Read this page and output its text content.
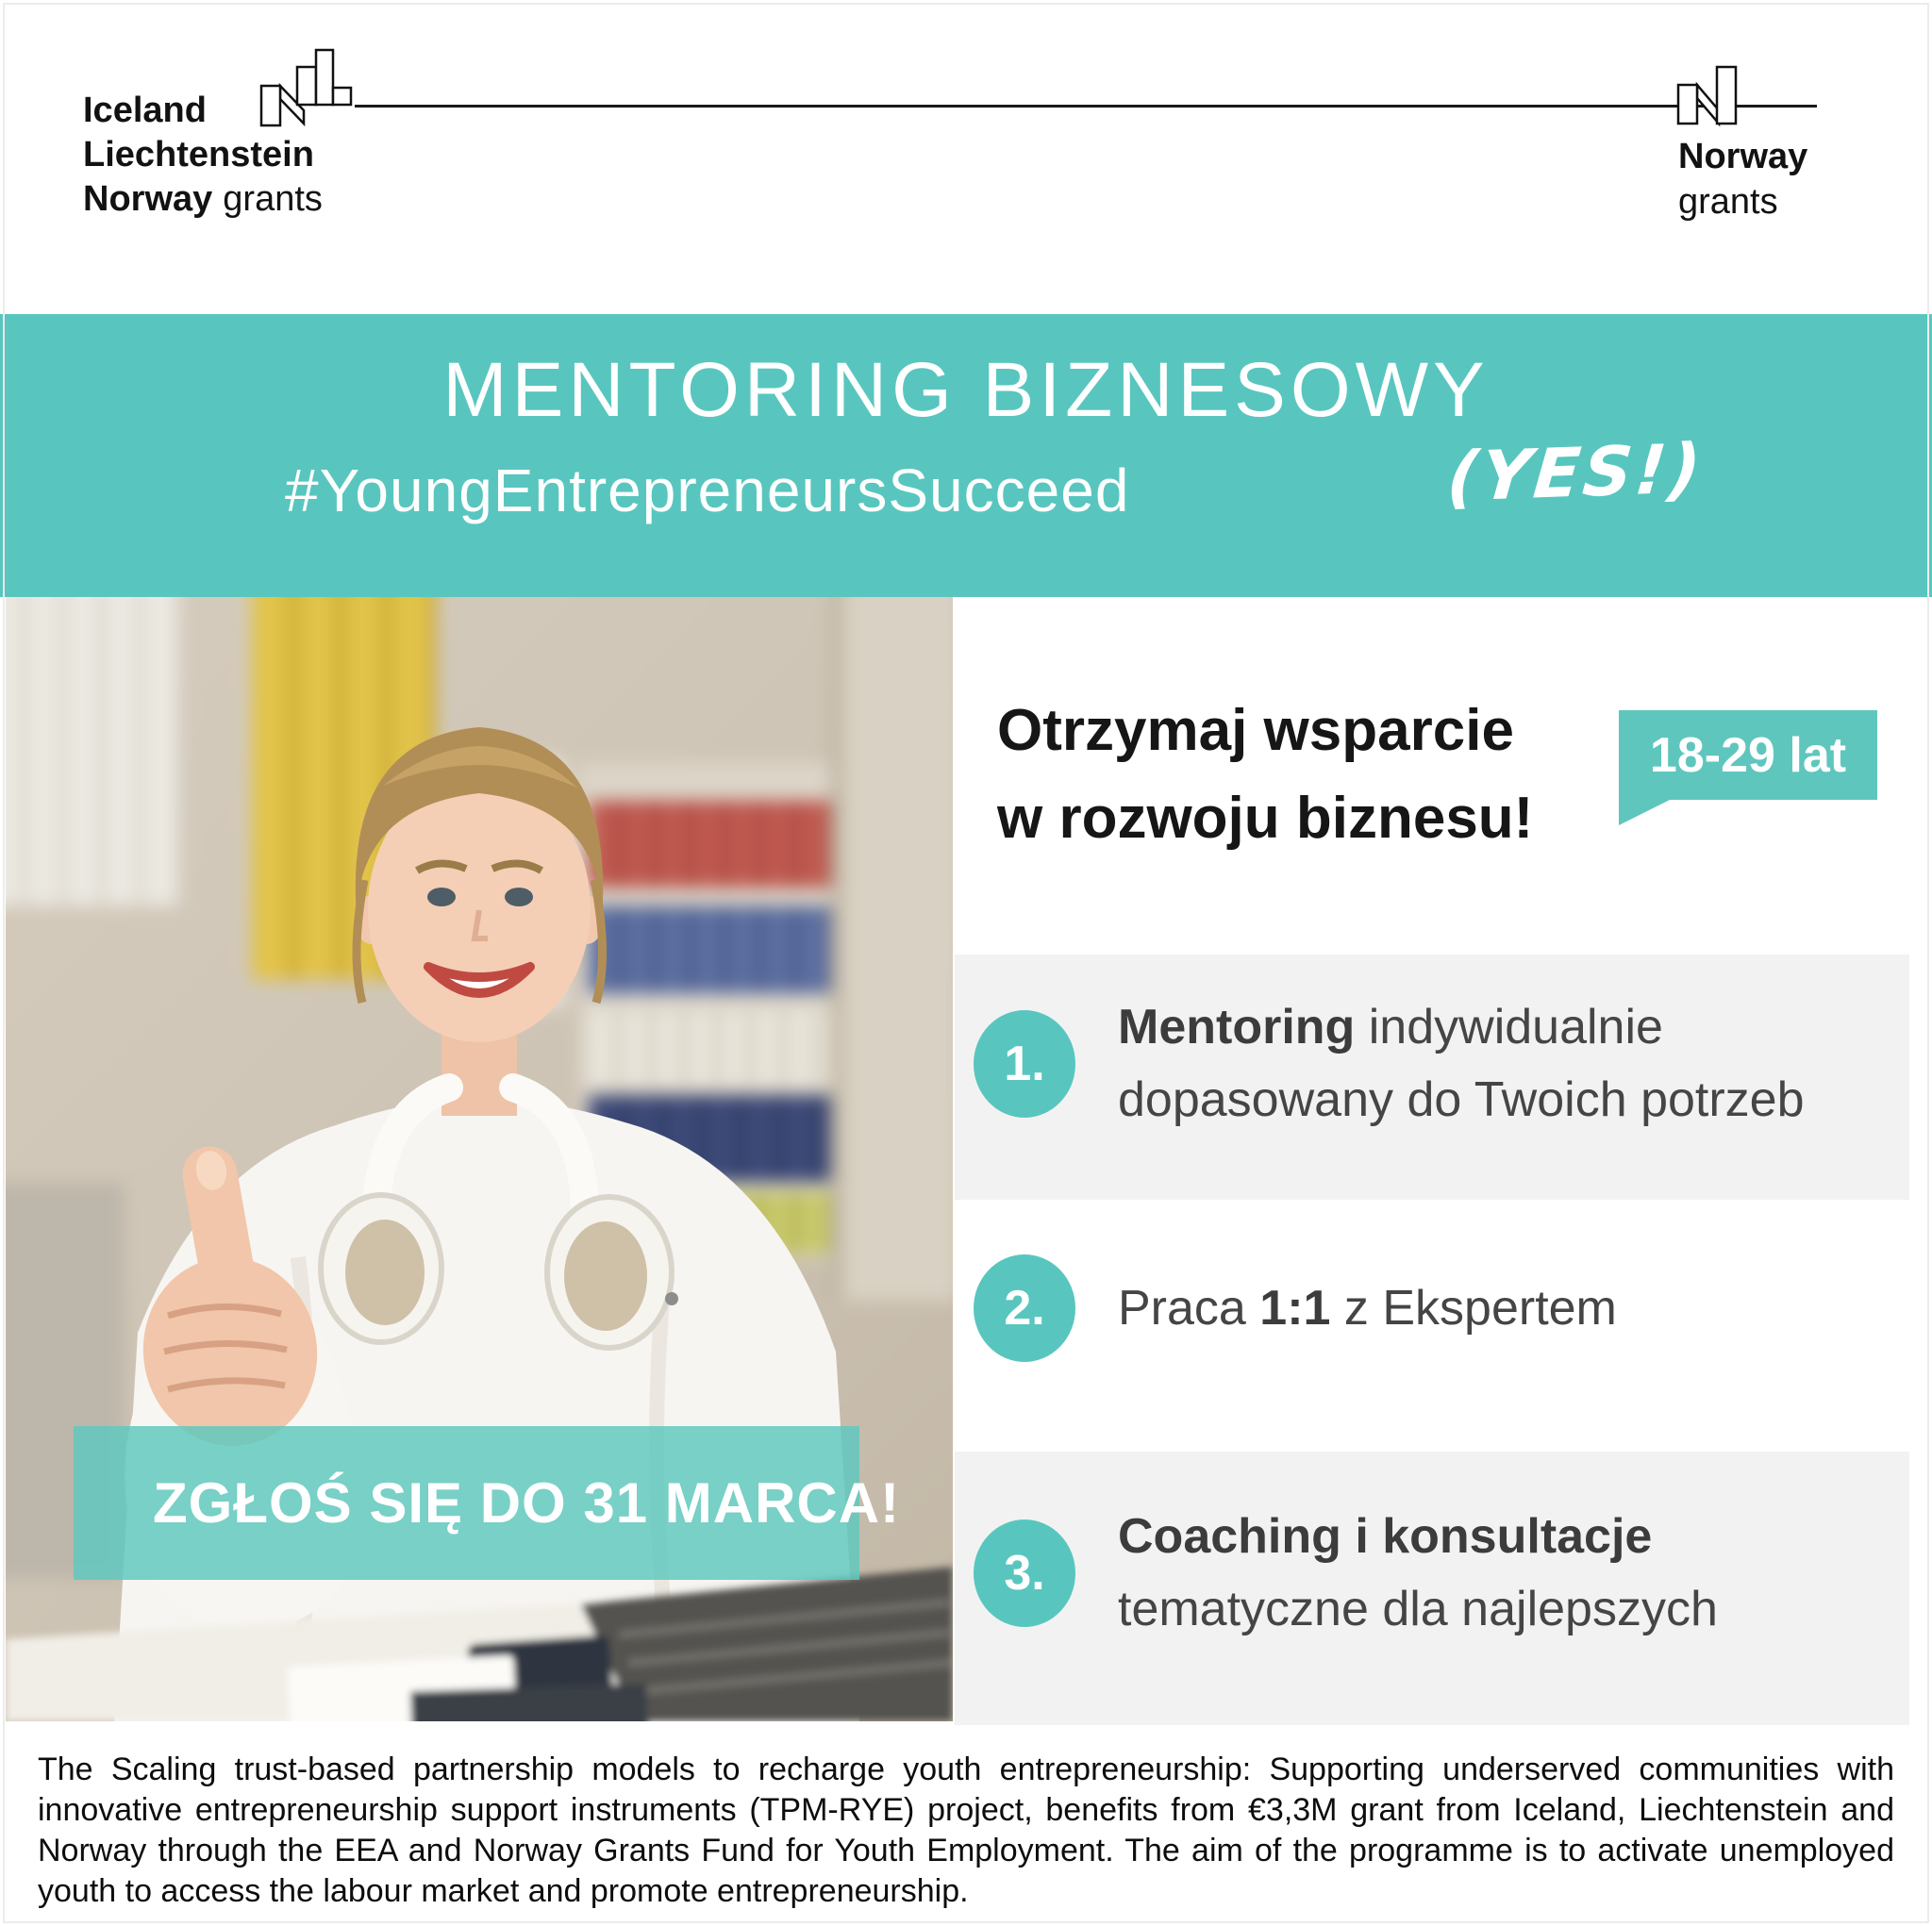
Iceland
Liechtenstein
Norway grants
Norway
grants
MENTORING BIZNESOWY
#YoungEntrepreneursSucceed	(YES!)
ZGŁOŚ SIĘ DO 31 MARCA!
Otrzymaj wsparcie
w rozwoju biznesu!
18-29 lat
1.
Mentoring indywidualnie
dopasowany do Twoich potrzeb
2.	Praca 1:1 z Ekspertem
3.
Coaching i konsultacje
tematyczne dla najlepszych
The Scaling trust-based partnership models to recharge youth entrepreneurship: Supporting underserved communities with innovative entrepreneurship support instruments (TPM-RYE) project, benefits from €3,3M grant from Iceland, Liechtenstein and Norway through the EEA and Norway Grants Fund for Youth Employment. The aim of the programme is to activate unemployed youth to access the labour market and promote entrepreneurship.
